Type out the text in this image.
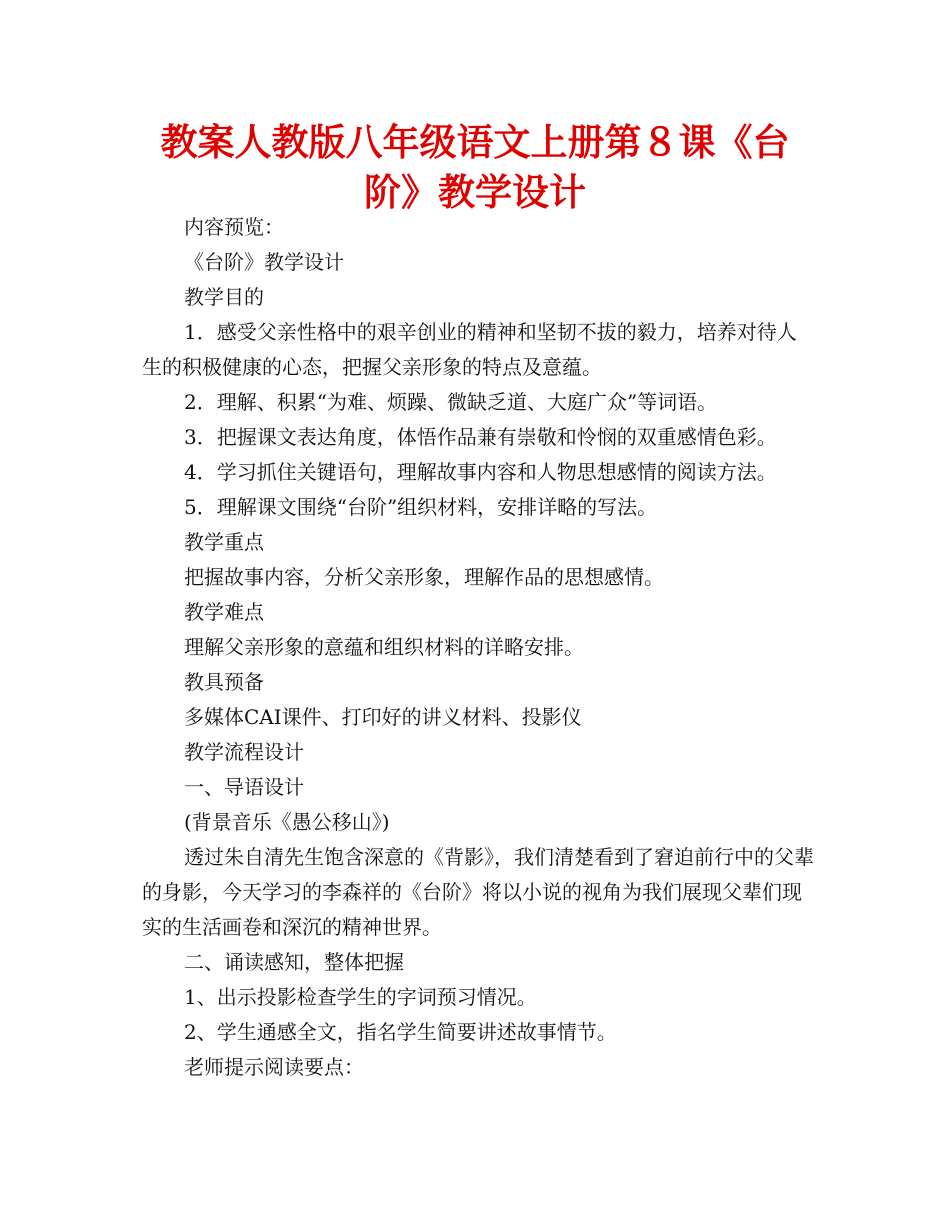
教案人教版八年级语文上册第８课《台
阶》教学设计

内容预览：

《台阶》教学设计

教学目的

1．感受父亲性格中的艰辛创业的精神和坚韧不拔的毅力，培养对待人生的积极健康的心态，把握父亲形象的特点及意蕴。

2．理解、积累“为难、烦躁、微缺乏道、大庭广众”等词语。

3．把握课文表达角度，体悟作品兼有崇敬和怜悯的双重感情色彩。

4．学习抓住关键语句，理解故事内容和人物思想感情的阅读方法。

5．理解课文围绕“台阶”组织材料，安排详略的写法。

教学重点

把握故事内容，分析父亲形象，理解作品的思想感情。

教学难点

理解父亲形象的意蕴和组织材料的详略安排。

教具预备

多媒体CAI课件、打印好的讲义材料、投影仪

教学流程设计

一、导语设计

(背景音乐《愚公移山》)

透过朱自清先生饱含深意的《背影》，我们清楚看到了窘迫前行中的父辈的身影，今天学习的李森祥的《台阶》将以小说的视角为我们展现父辈们现实的生活画卷和深沉的精神世界。

二、诵读感知，整体把握

1、出示投影检查学生的字词预习情况。

2、学生通感全文，指名学生简要讲述故事情节。

老师提示阅读要点：
